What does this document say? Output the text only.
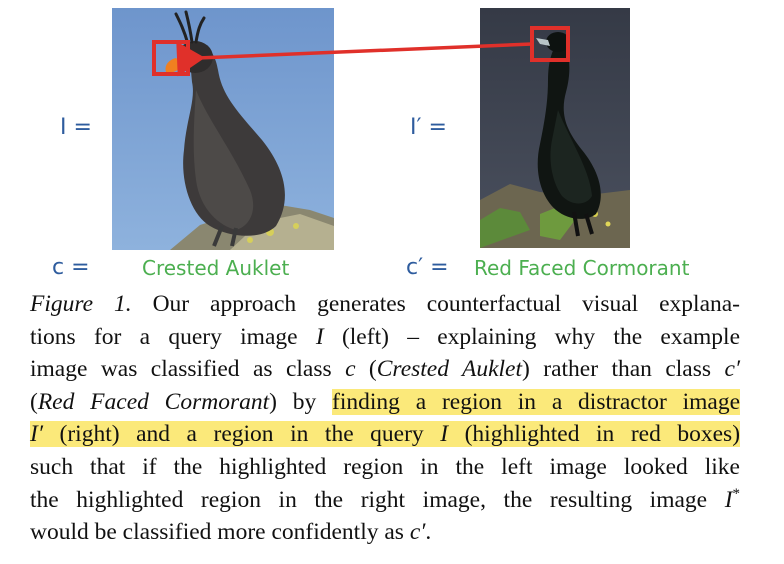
I =	I′ =
c =	Crested Auklet	c′ = Red Faced Cormorant
Figure 1. Our approach generates counterfactual visual explana-
tions for a query image I (left) – explaining why the example
image was classified as class c (Crested Auklet) rather than class c′
(Red Faced Cormorant) by finding a region in a distractor image
I′ (right) and a region in the query I (highlighted in red boxes)
such that if the highlighted region in the left image looked like
the highlighted region in the right image, the resulting image I*
would be classified more confidently as c′.
